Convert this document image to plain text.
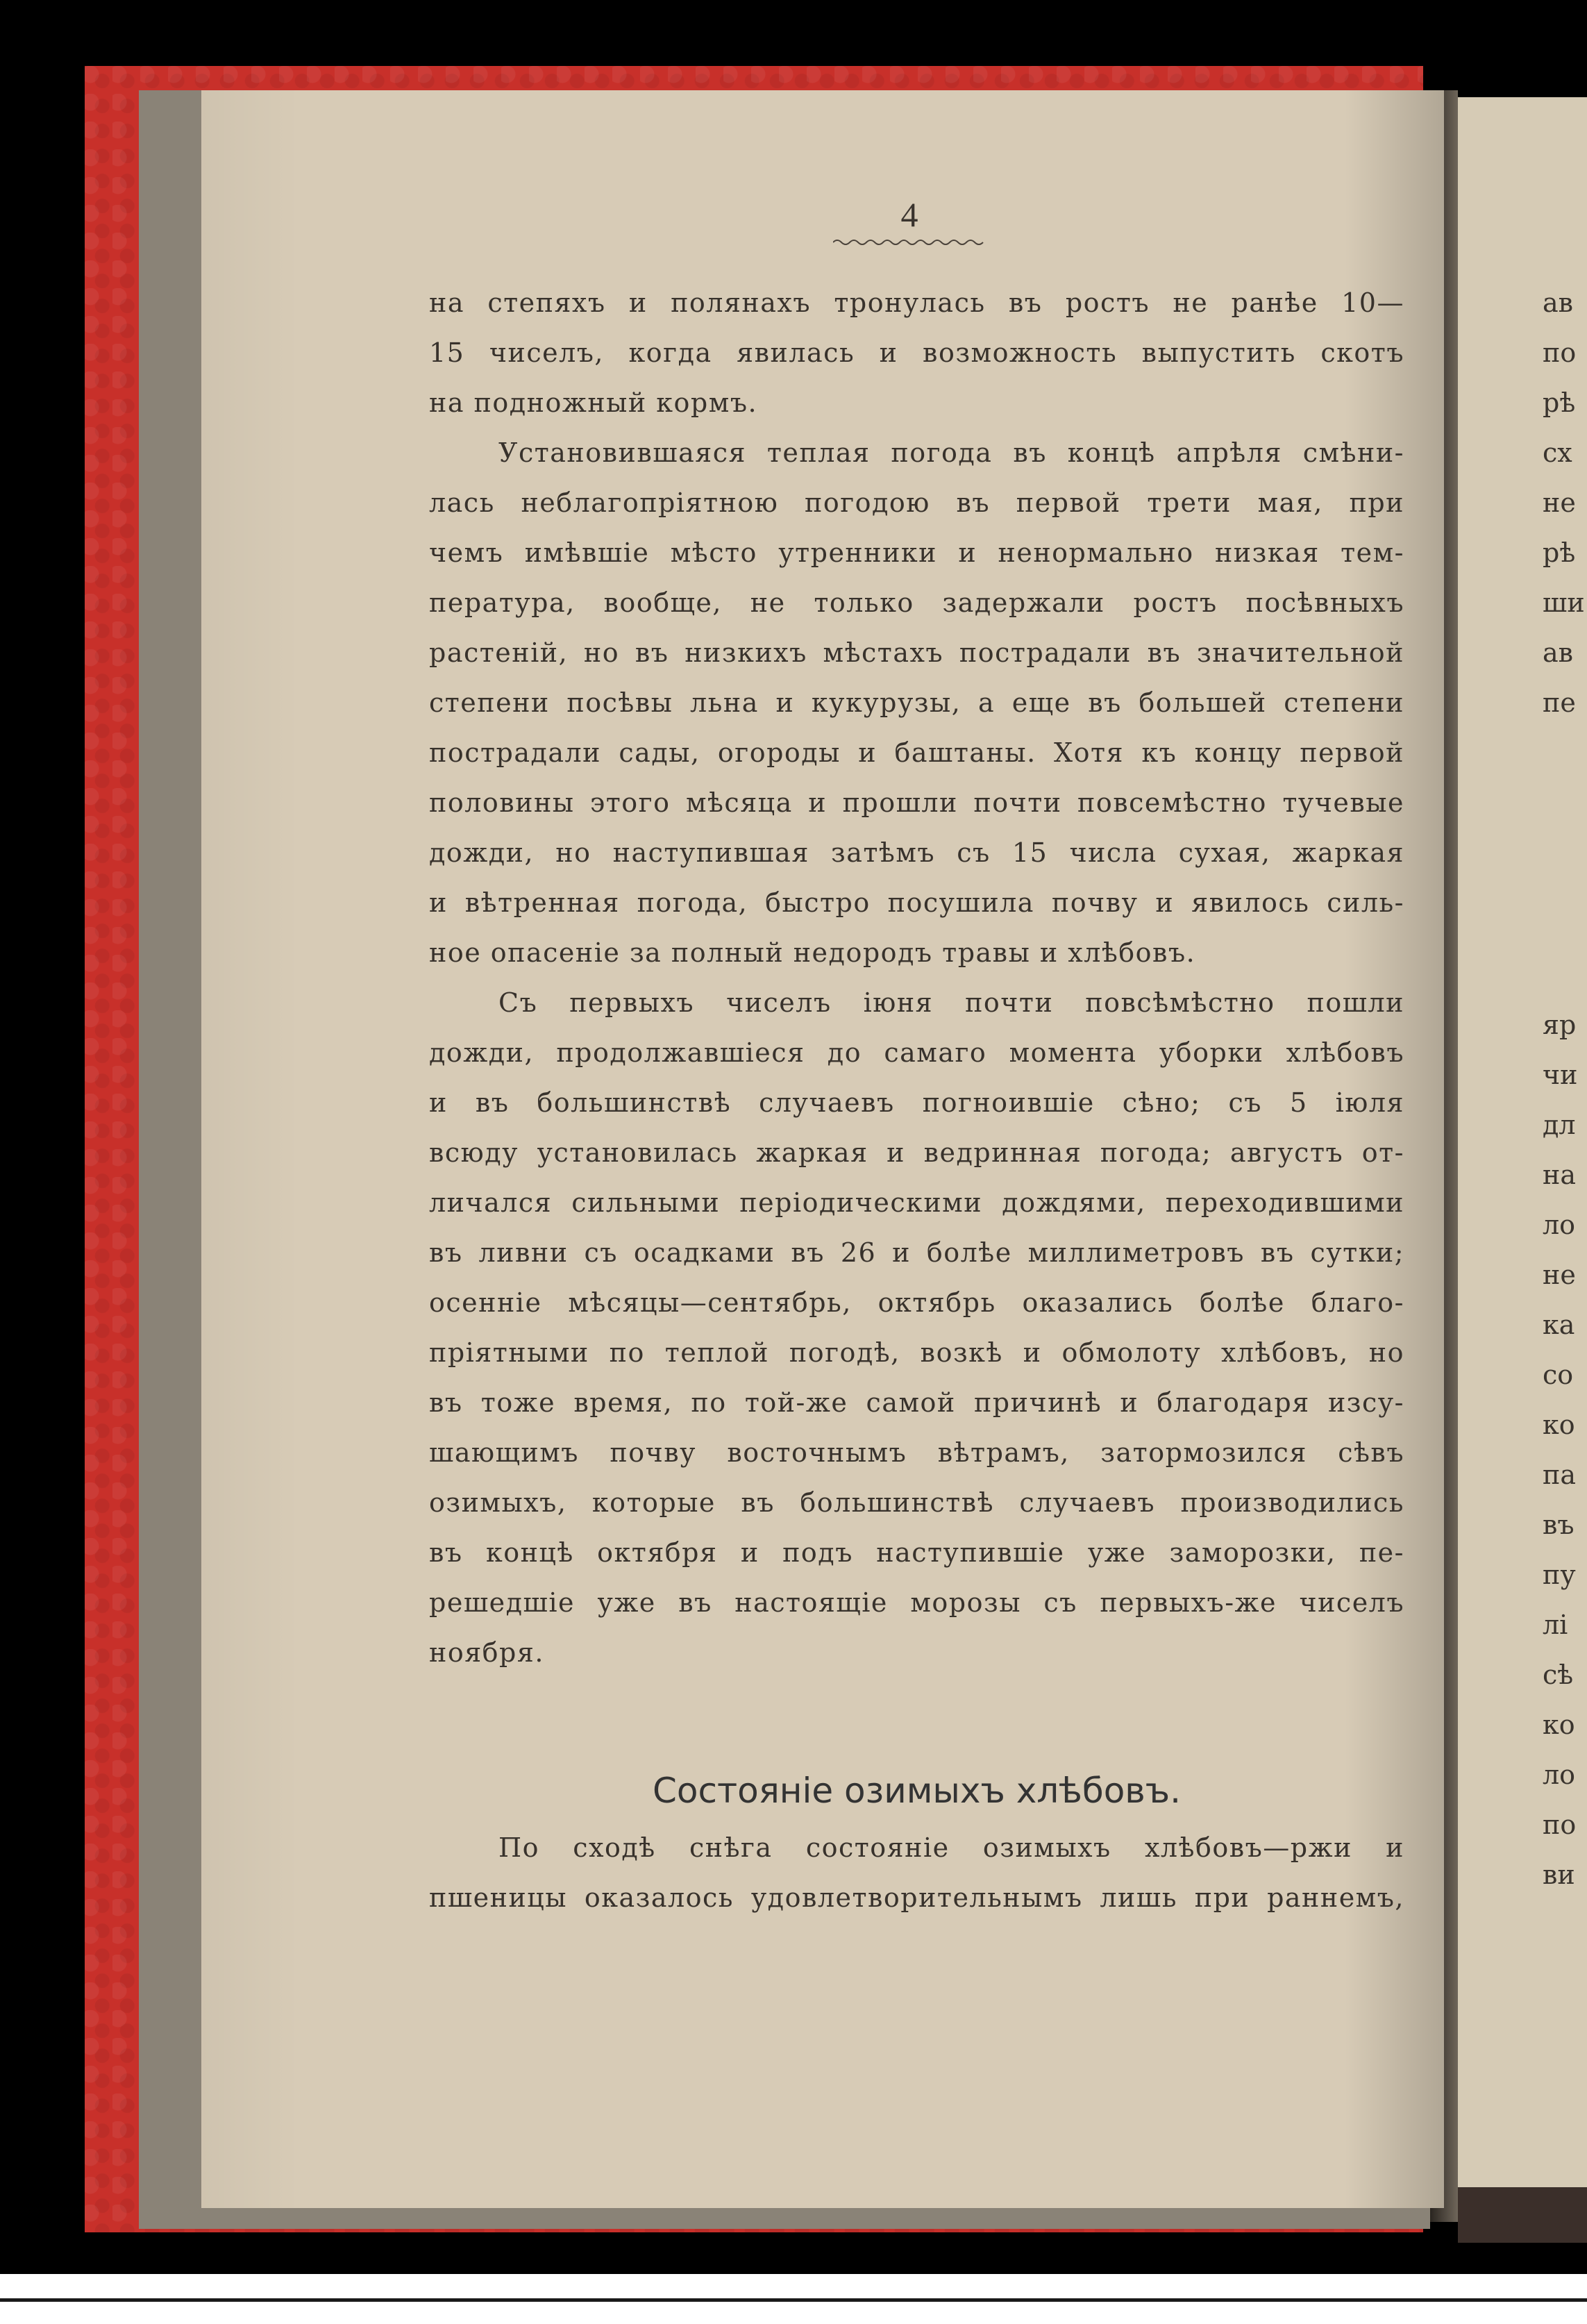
4
на степяхъ и полянахъ тронулась въ ростъ не ранѣе 10—
15 чиселъ, когда явилась и возможность выпустить скотъ
на подножный кормъ.
Установившаяся теплая погода въ концѣ апрѣля смѣни-
лась неблагопріятною погодою въ первой трети мая, при
чемъ имѣвшіе мѣсто утренники и ненормально низкая тем-
пература, вообще, не только задержали ростъ посѣвныхъ
растеній, но въ низкихъ мѣстахъ пострадали въ значительной
степени посѣвы льна и кукурузы, а еще въ большей степени
пострадали сады, огороды и баштаны. Хотя къ концу первой
половины этого мѣсяца и прошли почти повсемѣстно тучевые
дожди, но наступившая затѣмъ съ 15 числа сухая, жаркая
и вѣтренная погода, быстро посушила почву и явилось силь-
ное опасеніе за полный недородъ травы и хлѣбовъ.
Съ первыхъ чиселъ іюня почти повсѣмѣстно пошли
дожди, продолжавшіеся до самаго момента уборки хлѣбовъ
и въ большинствѣ случаевъ погноившіе сѣно; съ 5 іюля
всюду установилась жаркая и ведринная погода; августъ от-
личался сильными періодическими дождями, переходившими
въ ливни съ осадками въ 26 и болѣе миллиметровъ въ сутки;
осенніе мѣсяцы—сентябрь, октябрь оказались болѣе благо-
пріятными по теплой погодѣ, возкѣ и обмолоту хлѣбовъ, но
въ тоже время, по той-же самой причинѣ и благодаря изсу-
шающимъ почву восточнымъ вѣтрамъ, затормозился сѣвъ
озимыхъ, которые въ большинствѣ случаевъ производились
въ концѣ октября и подъ наступившіе уже заморозки, пе-
решедшіе уже въ настоящіе морозы съ первыхъ-же чиселъ
ноября.
Состояніе озимыхъ хлѣбовъ.
По сходѣ снѣга состояніе озимыхъ хлѣбовъ—ржи и
пшеницы оказалось удовлетворительнымъ лишь при раннемъ,
ав
по
рѣ
сх
не
рѣ
ши
ав
пе
яр
чи
дл
на
ло
не
ка
со
ко
па
въ
пу
лі
сѣ
ко
ло
по
ви
